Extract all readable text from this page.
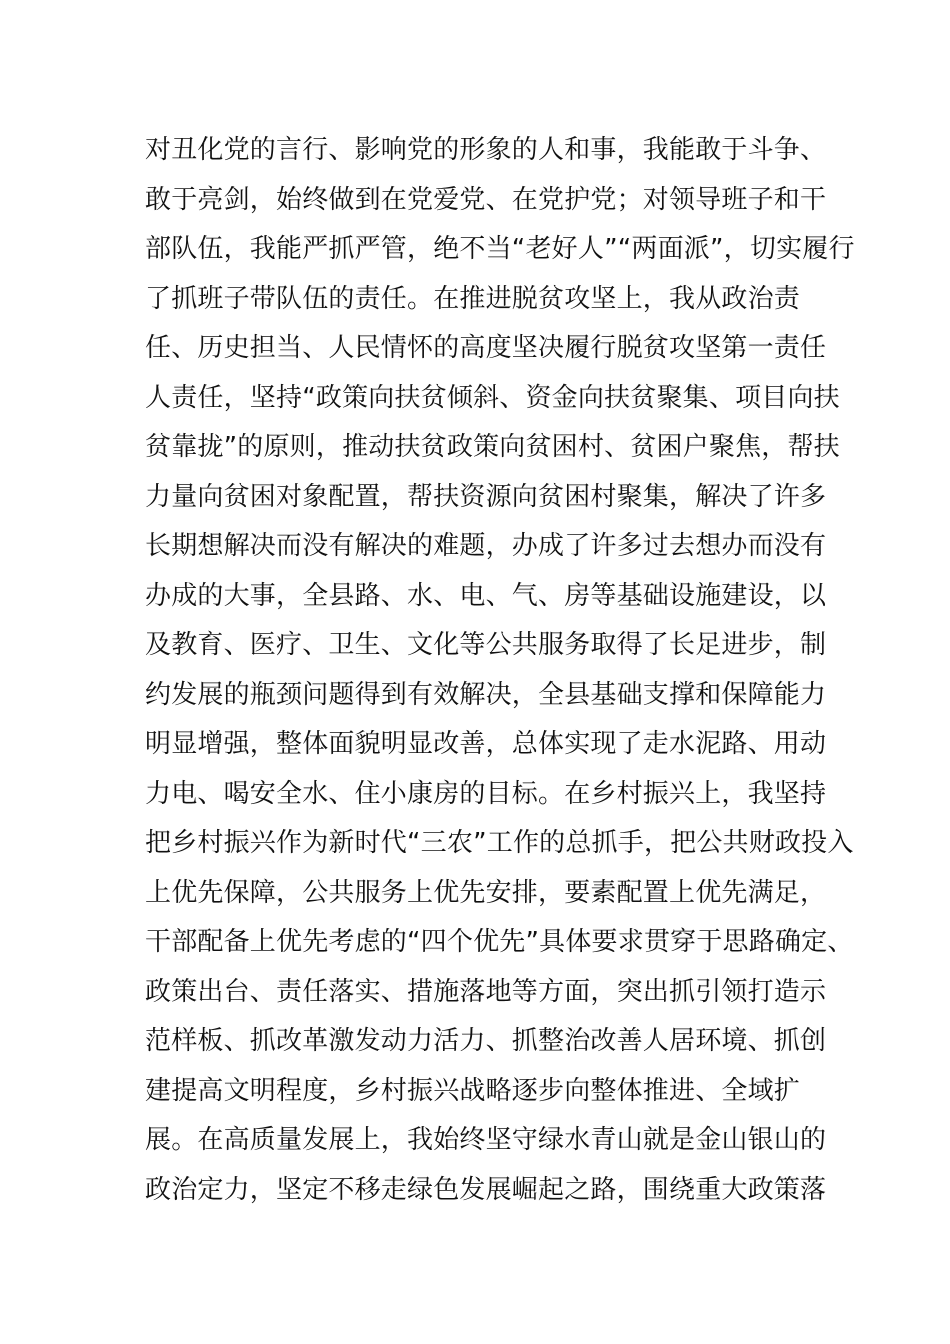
对丑化党的言行、影响党的形象的人和事，我能敢于斗争、
敢于亮剑，始终做到在党爱党、在党护党；对领导班子和干
部队伍，我能严抓严管，绝不当“老好人”“两面派”，切实履行
了抓班子带队伍的责任。在推进脱贫攻坚上，我从政治责
任、历史担当、人民情怀的高度坚决履行脱贫攻坚第一责任
人责任，坚持“政策向扶贫倾斜、资金向扶贫聚集、项目向扶
贫靠拢”的原则，推动扶贫政策向贫困村、贫困户聚焦，帮扶
力量向贫困对象配置，帮扶资源向贫困村聚集，解决了许多
长期想解决而没有解决的难题，办成了许多过去想办而没有
办成的大事，全县路、水、电、气、房等基础设施建设，以
及教育、医疗、卫生、文化等公共服务取得了长足进步，制
约发展的瓶颈问题得到有效解决，全县基础支撑和保障能力
明显增强，整体面貌明显改善，总体实现了走水泥路、用动
力电、喝安全水、住小康房的目标。在乡村振兴上，我坚持
把乡村振兴作为新时代“三农”工作的总抓手，把公共财政投入
上优先保障，公共服务上优先安排，要素配置上优先满足，
干部配备上优先考虑的“四个优先”具体要求贯穿于思路确定、
政策出台、责任落实、措施落地等方面，突出抓引领打造示
范样板、抓改革激发动力活力、抓整治改善人居环境、抓创
建提高文明程度，乡村振兴战略逐步向整体推进、全域扩
展。在高质量发展上，我始终坚守绿水青山就是金山银山的
政治定力，坚定不移走绿色发展崛起之路，围绕重大政策落
